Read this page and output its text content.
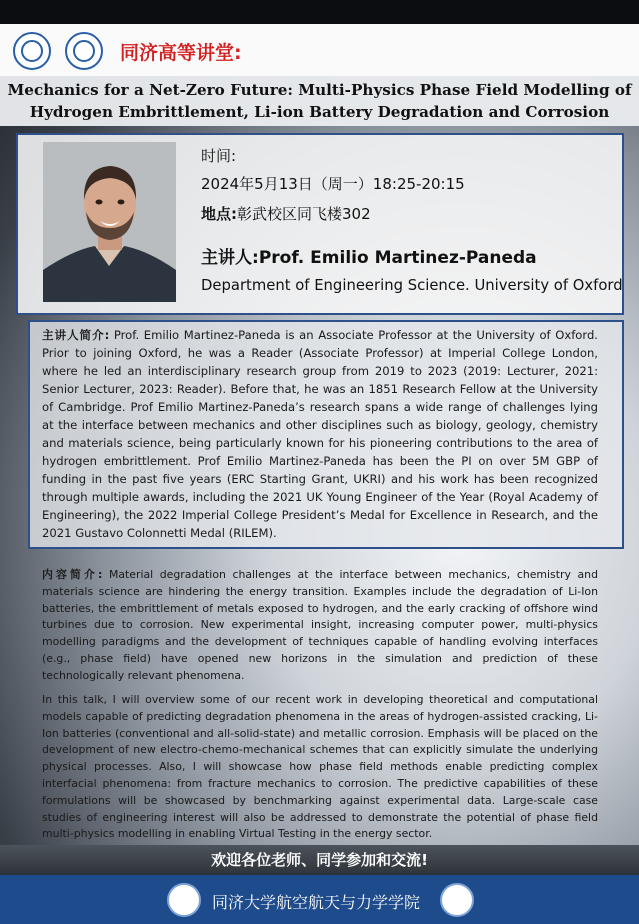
同济高等讲堂:
Mechanics for a Net-Zero Future: Multi-Physics Phase Field Modelling of
Hydrogen Embrittlement, Li-ion Battery Degradation and Corrosion
时间:
2024年5月13日（周一）18:25-20:15
地点:彰武校区同飞楼302
主讲人:Prof. Emilio Martinez-Paneda
Department of Engineering Science. University of Oxford
主讲人简介: Prof. Emilio Martinez-Paneda is an Associate Professor at the University of Oxford. Prior to joining Oxford, he was a Reader (Associate Professor) at Imperial College London, where he led an interdisciplinary research group from 2019 to 2023 (2019: Lecturer, 2021: Senior Lecturer, 2023: Reader). Before that, he was an 1851 Research Fellow at the University of Cambridge. Prof Emilio Martinez-Paneda’s research spans a wide range of challenges lying at the interface between mechanics and other disciplines such as biology, geology, chemistry and materials science, being particularly known for his pioneering contributions to the area of hydrogen embrittlement. Prof Emilio Martinez-Paneda has been the PI on over 5M GBP of funding in the past five years (ERC Starting Grant, UKRI) and his work has been recognized through multiple awards, including the 2021 UK Young Engineer of the Year (Royal Academy of Engineering), the 2022 Imperial College President’s Medal for Excellence in Research, and the 2021 Gustavo Colonnetti Medal (RILEM).

内容简介: Material degradation challenges at the interface between mechanics, chemistry and materials science are hindering the energy transition. Examples include the degradation of Li-Ion batteries, the embrittlement of metals exposed to hydrogen, and the early cracking of offshore wind turbines due to corrosion. New experimental insight, increasing computer power, multi-physics modelling paradigms and the development of techniques capable of handling evolving interfaces (e.g., phase field) have opened new horizons in the simulation and prediction of these technologically relevant phenomena.

In this talk, I will overview some of our recent work in developing theoretical and computational models capable of predicting degradation phenomena in the areas of hydrogen-assisted cracking, Li-Ion batteries (conventional and all-solid-state) and metallic corrosion. Emphasis will be placed on the development of new electro-chemo-mechanical schemes that can explicitly simulate the underlying physical processes. Also, I will showcase how phase field methods enable predicting complex interfacial phenomena: from fracture mechanics to corrosion. The predictive capabilities of these formulations will be showcased by benchmarking against experimental data. Large-scale case studies of engineering interest will also be addressed to demonstrate the potential of phase field multi-physics modelling in enabling Virtual Testing in the energy sector.
欢迎各位老师、同学参加和交流!
同济大学航空航天与力学学院
